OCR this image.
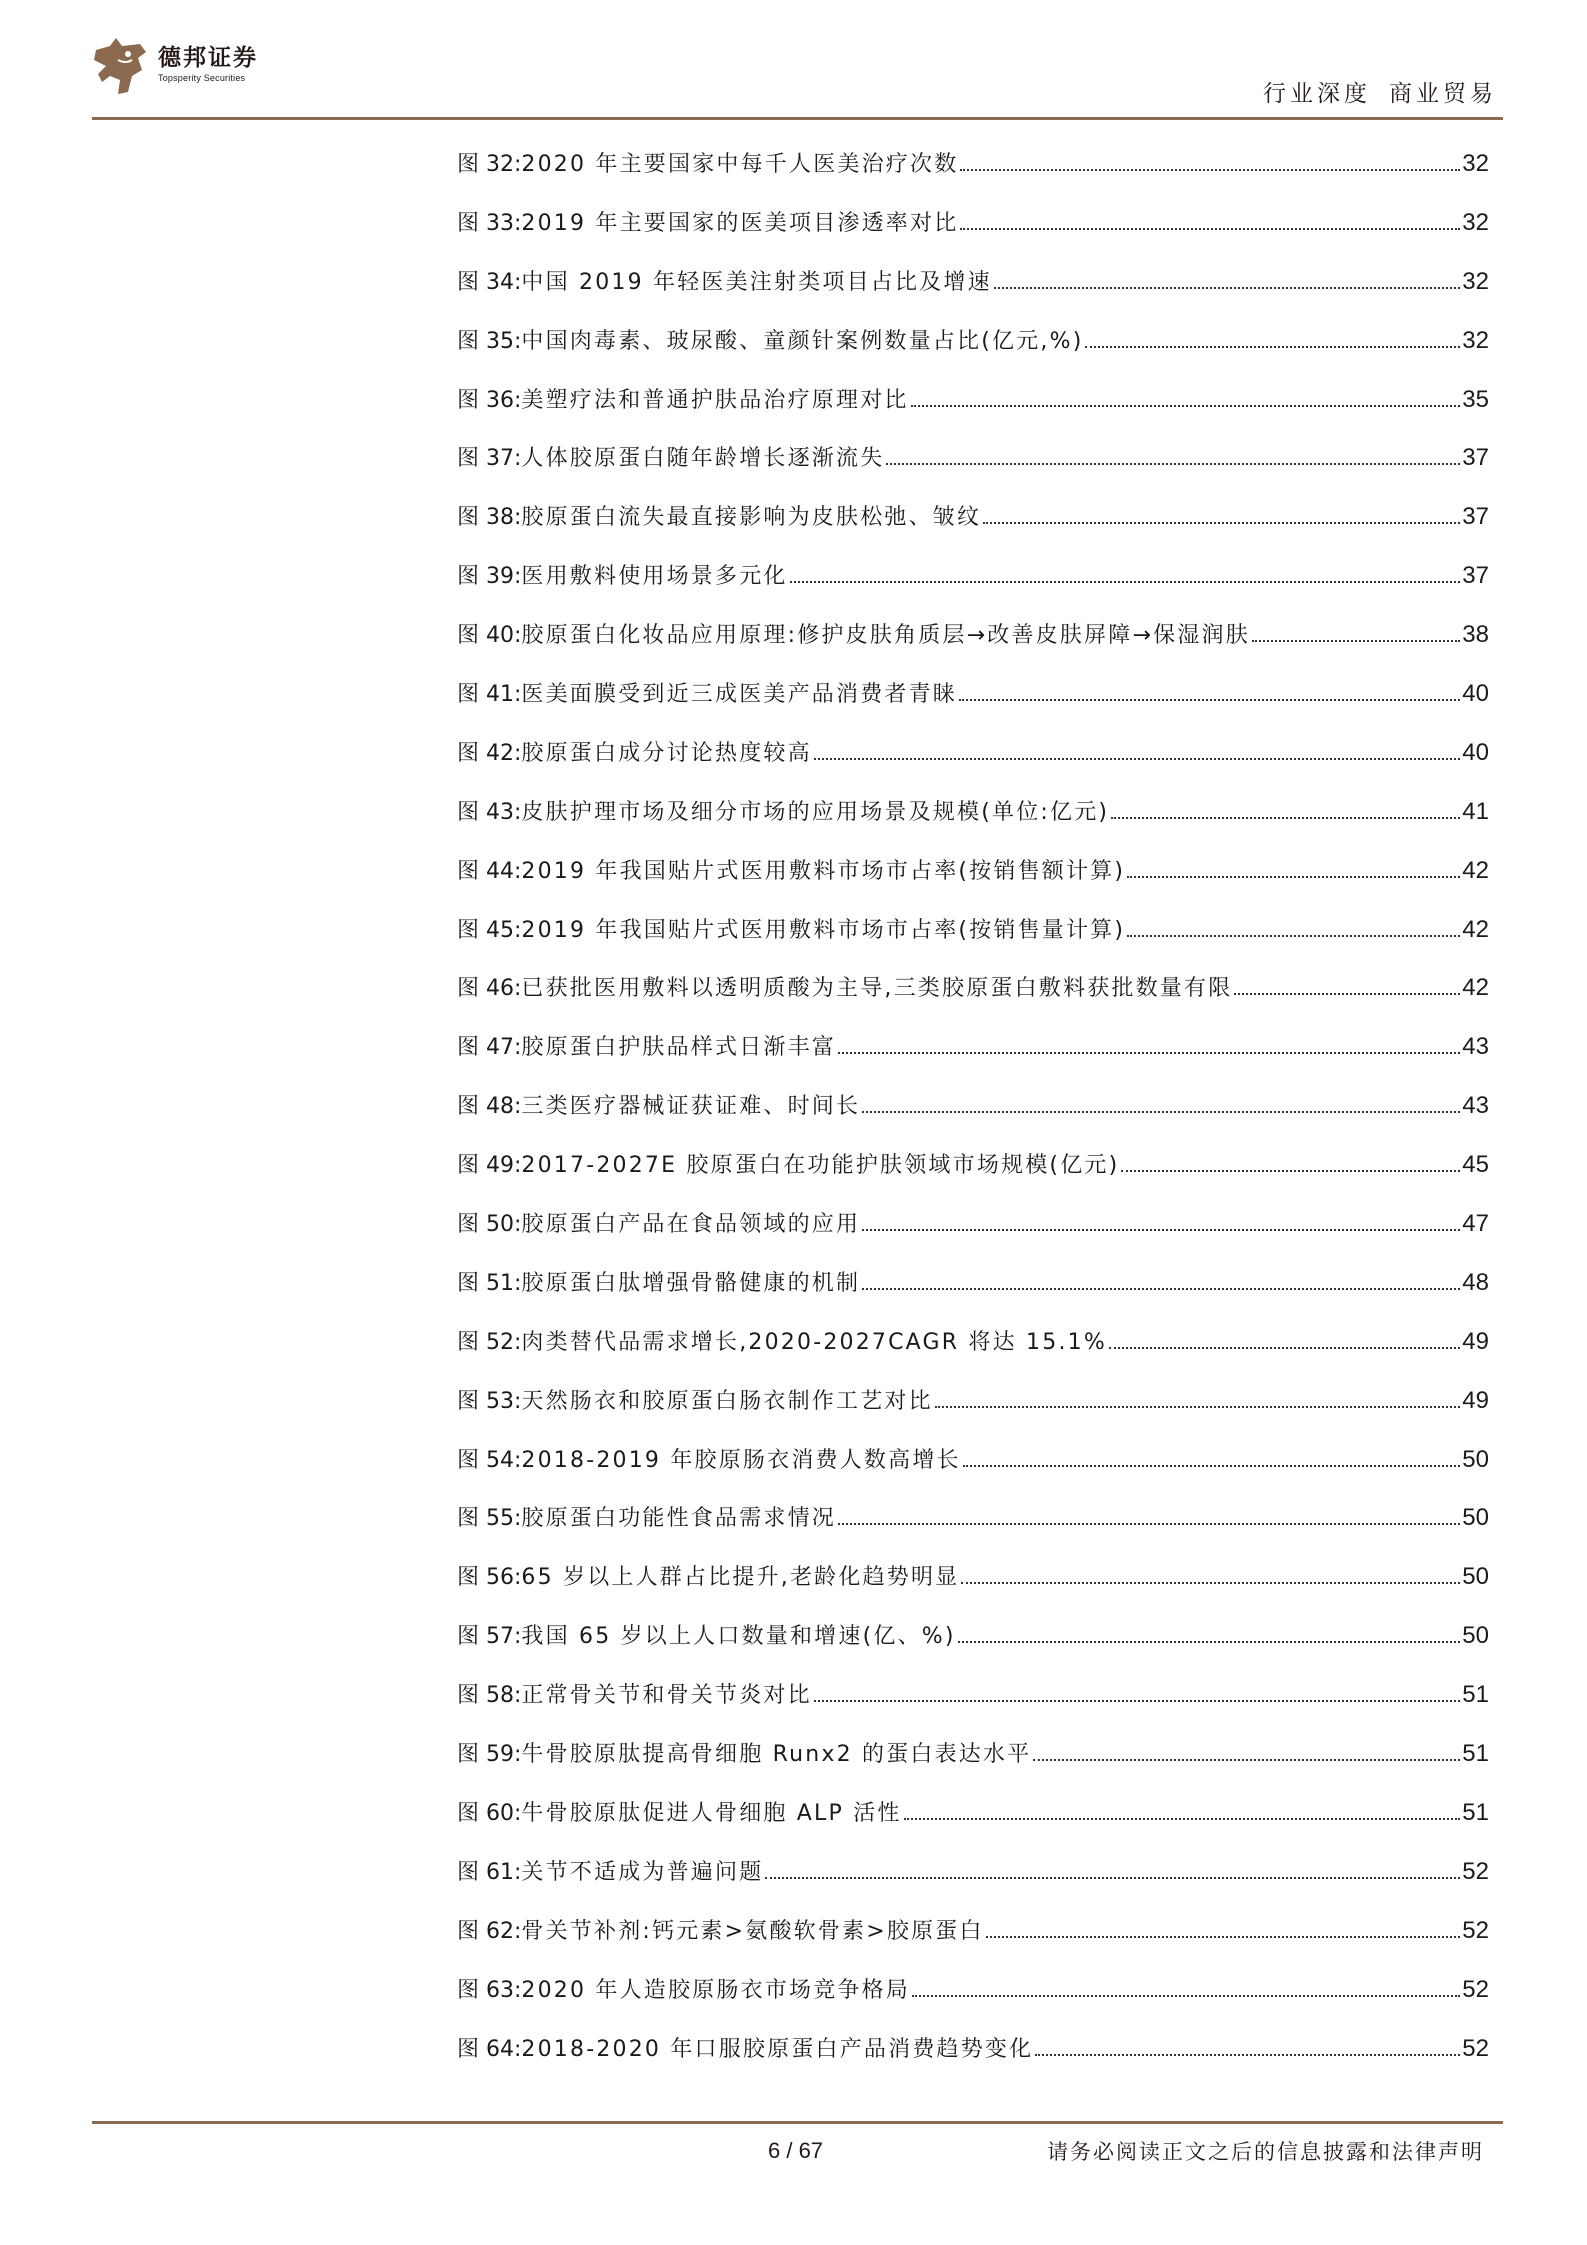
德邦证券
Topsperity Securities
行业深度 商业贸易
图 32: 2020 年主要国家中每千人医美治疗次数	32
图 33: 2019 年主要国家的医美项目渗透率对比	32
图 34: 中国 2019 年轻医美注射类项目占比及增速	32
图 35: 中国肉毒素、玻尿酸、童颜针案例数量占比(亿元,%)	32
图 36: 美塑疗法和普通护肤品治疗原理对比	35
图 37: 人体胶原蛋白随年龄增长逐渐流失	37
图 38: 胶原蛋白流失最直接影响为皮肤松弛、皱纹	37
图 39: 医用敷料使用场景多元化	37
图 40: 胶原蛋白化妆品应用原理:修护皮肤角质层→改善皮肤屏障→保湿润肤	38
图 41: 医美面膜受到近三成医美产品消费者青睐	40
图 42: 胶原蛋白成分讨论热度较高	40
图 43: 皮肤护理市场及细分市场的应用场景及规模(单位:亿元)	41
图 44: 2019 年我国贴片式医用敷料市场市占率(按销售额计算)	42
图 45: 2019 年我国贴片式医用敷料市场市占率(按销售量计算)	42
图 46: 已获批医用敷料以透明质酸为主导,三类胶原蛋白敷料获批数量有限	42
图 47: 胶原蛋白护肤品样式日渐丰富	43
图 48: 三类医疗器械证获证难、时间长	43
图 49: 2017-2027E 胶原蛋白在功能护肤领域市场规模(亿元)	45
图 50: 胶原蛋白产品在食品领域的应用	47
图 51: 胶原蛋白肽增强骨骼健康的机制	48
图 52: 肉类替代品需求增长,2020-2027CAGR 将达 15.1%	49
图 53: 天然肠衣和胶原蛋白肠衣制作工艺对比	49
图 54: 2018-2019 年胶原肠衣消费人数高增长	50
图 55: 胶原蛋白功能性食品需求情况	50
图 56: 65 岁以上人群占比提升,老龄化趋势明显	50
图 57: 我国 65 岁以上人口数量和增速(亿、%)	50
图 58: 正常骨关节和骨关节炎对比	51
图 59: 牛骨胶原肽提高骨细胞 Runx2 的蛋白表达水平	51
图 60: 牛骨胶原肽促进人骨细胞 ALP 活性	51
图 61: 关节不适成为普遍问题	52
图 62: 骨关节补剂:钙元素>氨酸软骨素>胶原蛋白	52
图 63: 2020 年人造胶原肠衣市场竞争格局	52
图 64: 2018-2020 年口服胶原蛋白产品消费趋势变化	52
6 / 67	请务必阅读正文之后的信息披露和法律声明
